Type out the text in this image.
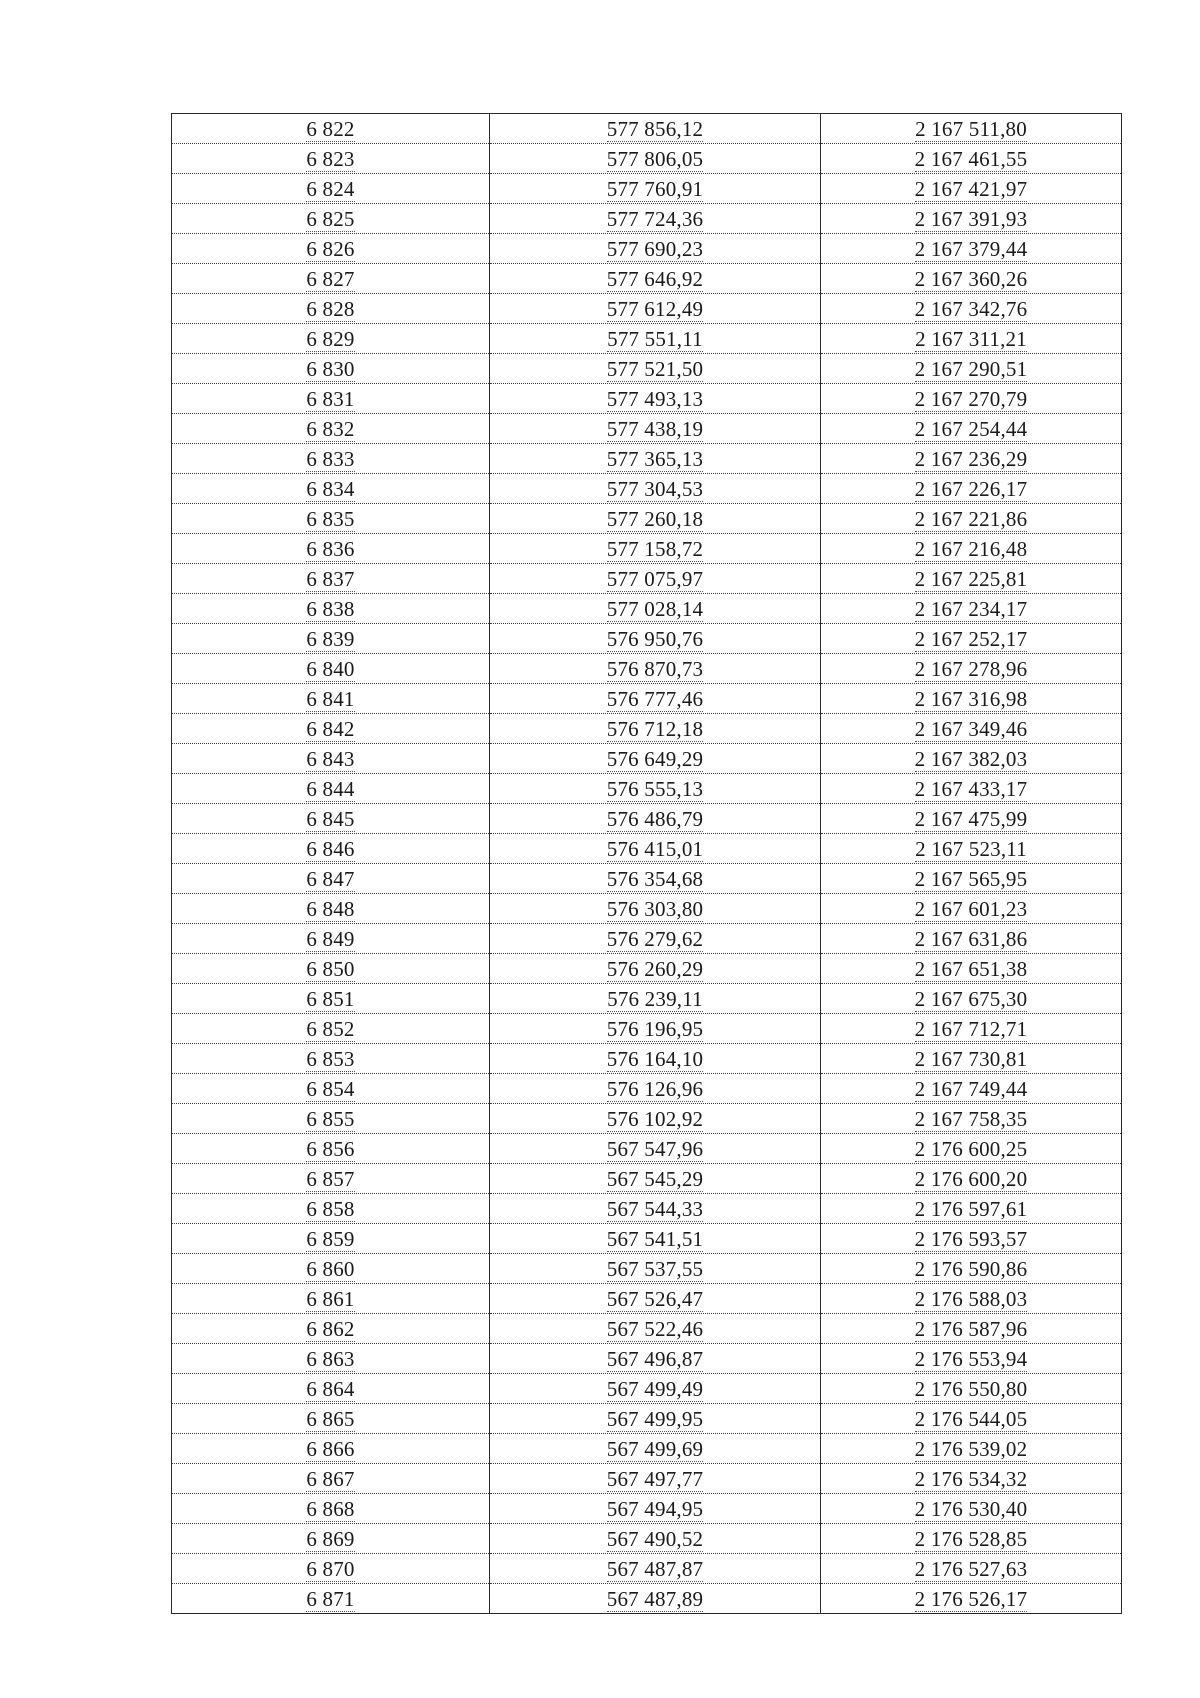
6 822	577 856,12	2 167 511,80
6 823	577 806,05	2 167 461,55
6 824	577 760,91	2 167 421,97
6 825	577 724,36	2 167 391,93
6 826	577 690,23	2 167 379,44
6 827	577 646,92	2 167 360,26
6 828	577 612,49	2 167 342,76
6 829	577 551,11	2 167 311,21
6 830	577 521,50	2 167 290,51
6 831	577 493,13	2 167 270,79
6 832	577 438,19	2 167 254,44
6 833	577 365,13	2 167 236,29
6 834	577 304,53	2 167 226,17
6 835	577 260,18	2 167 221,86
6 836	577 158,72	2 167 216,48
6 837	577 075,97	2 167 225,81
6 838	577 028,14	2 167 234,17
6 839	576 950,76	2 167 252,17
6 840	576 870,73	2 167 278,96
6 841	576 777,46	2 167 316,98
6 842	576 712,18	2 167 349,46
6 843	576 649,29	2 167 382,03
6 844	576 555,13	2 167 433,17
6 845	576 486,79	2 167 475,99
6 846	576 415,01	2 167 523,11
6 847	576 354,68	2 167 565,95
6 848	576 303,80	2 167 601,23
6 849	576 279,62	2 167 631,86
6 850	576 260,29	2 167 651,38
6 851	576 239,11	2 167 675,30
6 852	576 196,95	2 167 712,71
6 853	576 164,10	2 167 730,81
6 854	576 126,96	2 167 749,44
6 855	576 102,92	2 167 758,35
6 856	567 547,96	2 176 600,25
6 857	567 545,29	2 176 600,20
6 858	567 544,33	2 176 597,61
6 859	567 541,51	2 176 593,57
6 860	567 537,55	2 176 590,86
6 861	567 526,47	2 176 588,03
6 862	567 522,46	2 176 587,96
6 863	567 496,87	2 176 553,94
6 864	567 499,49	2 176 550,80
6 865	567 499,95	2 176 544,05
6 866	567 499,69	2 176 539,02
6 867	567 497,77	2 176 534,32
6 868	567 494,95	2 176 530,40
6 869	567 490,52	2 176 528,85
6 870	567 487,87	2 176 527,63
6 871	567 487,89	2 176 526,17
